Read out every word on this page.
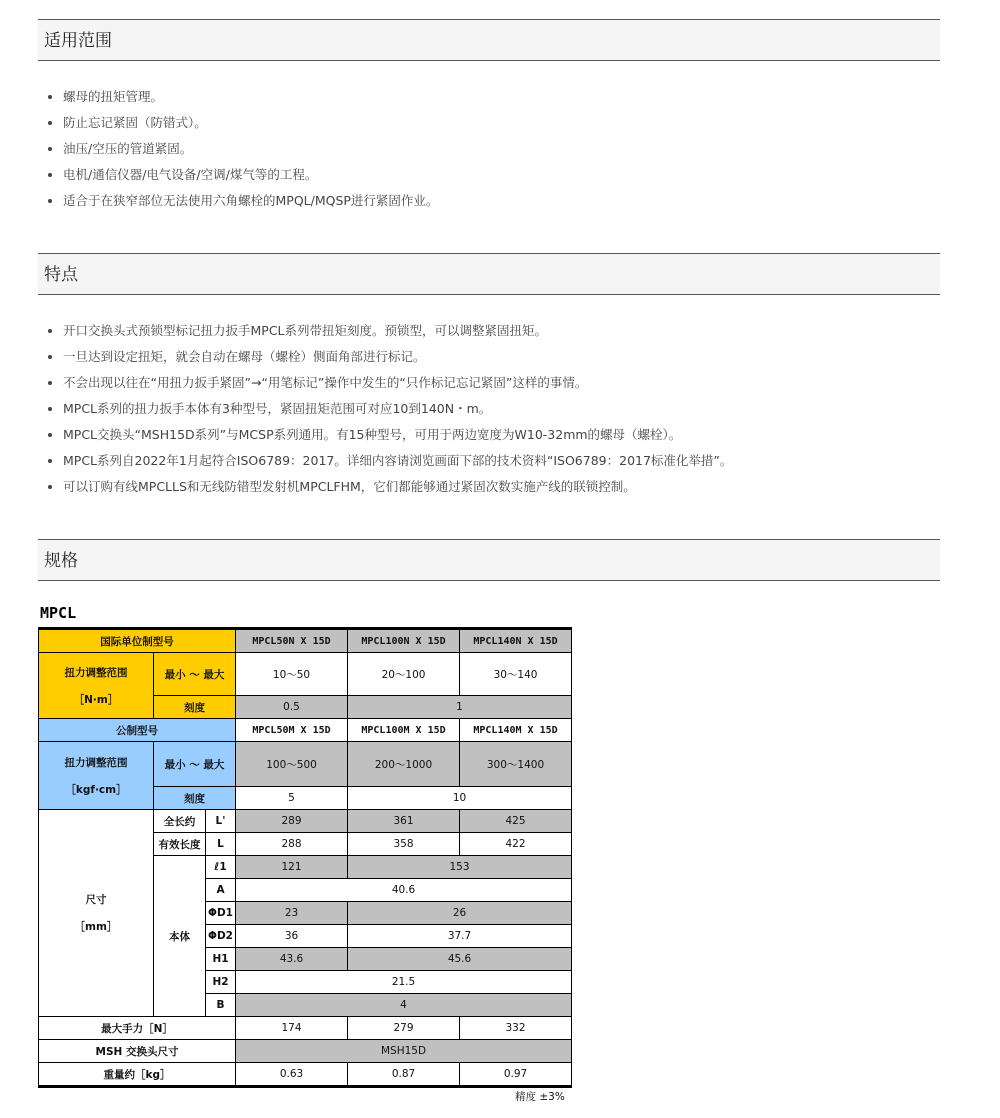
适用范围
• 螺母的扭矩管理。
• 防止忘记紧固（防错式）。
• 油压/空压的管道紧固。
• 电机/通信仪器/电气设备/空调/煤气等的工程。
• 适合于在狭窄部位无法使用六角螺栓的MPQL/MQSP进行紧固作业。
特点
• 开口交换头式预锁型标记扭力扳手MPCL系列带扭矩刻度。预锁型，可以调整紧固扭矩。
• 一旦达到设定扭矩，就会自动在螺母（螺栓）侧面角部进行标记。
• 不会出现以往在“用扭力扳手紧固”→“用笔标记”操作中发生的“只作标记忘记紧固”这样的事情。
• MPCL系列的扭力扳手本体有3种型号，紧固扭矩范围可对应10到140N・m。
• MPCL交换头“MSH15D系列”与MCSP系列通用。有15种型号，可用于两边宽度为W10-32mm的螺母（螺栓）。
• MPCL系列自2022年1月起符合ISO6789：2017。详细内容请浏览画面下部的技术资料“ISO6789：2017标准化举措”。
• 可以订购有线MPCLLS和无线防错型发射机MPCLFHM，它们都能够通过紧固次数实施产线的联锁控制。
规格
MPCL
国际单位制型号			MPCL50N X 15D	MPCL100N X 15D	MPCL140N X 15D
扭力调整范围

［N·m］	最小 ～ 最大		10～50	20～100	30～140
	刻度		0.5	1	
公制型号			MPCL50M X 15D	MPCL100M X 15D	MPCL140M X 15D
扭力调整范围

［kgf·cm］	最小 ～ 最大		100～500	200～1000	300～1400
	刻度		5	10	
尺寸

［mm］	全长约	L'	289	361	425
	有效长度	L	288	358	422
	本体	ℓ1	121	153	
		A	40.6		
		ΦD1	23	26	
		ΦD2	36	37.7	
		H1	43.6	45.6	
		H2	21.5		
		B	4		
最大手力［N］			174	279	332
MSH 交换头尺寸			MSH15D		
重量约［kg］			0.63	0.87	0.97
精度 ±3%
